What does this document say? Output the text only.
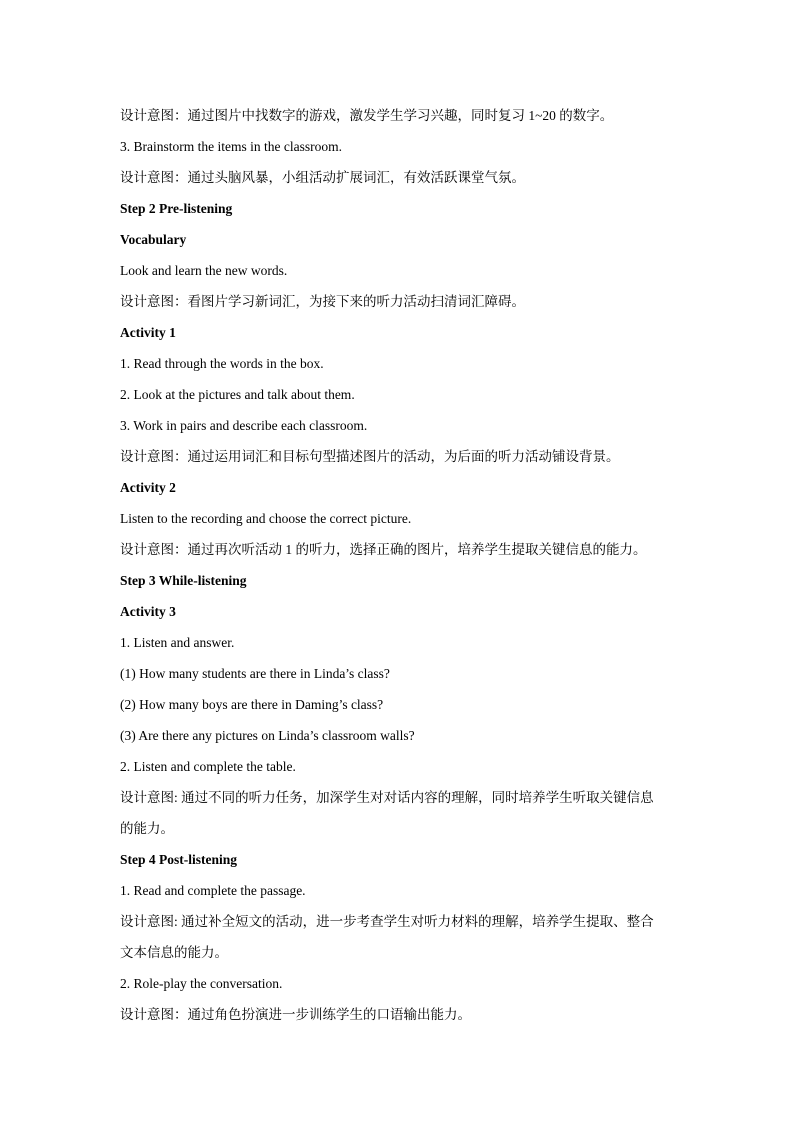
设计意图：通过图片中找数字的游戏，激发学生学习兴趣，同时复习 1~20 的数字。
3. Brainstorm the items in the classroom.
设计意图：通过头脑风暴，小组活动扩展词汇，有效活跃课堂气氛。
Step 2 Pre-listening
Vocabulary
Look and learn the new words.
设计意图：看图片学习新词汇，为接下来的听力活动扫清词汇障碍。
Activity 1
1. Read through the words in the box.
2. Look at the pictures and talk about them.
3. Work in pairs and describe each classroom.
设计意图：通过运用词汇和目标句型描述图片的活动，为后面的听力活动铺设背景。
Activity 2
Listen to the recording and choose the correct picture.
设计意图：通过再次听活动 1 的听力，选择正确的图片，培养学生提取关键信息的能力。
Step 3 While-listening
Activity 3
1. Listen and answer.
(1) How many students are there in Linda’s class?
(2) How many boys are there in Daming’s class?
(3) Are there any pictures on Linda’s classroom walls?
2. Listen and complete the table.
设计意图: 通过不同的听力任务，加深学生对对话内容的理解，同时培养学生听取关键信息
的能力。
Step 4 Post-listening
1. Read and complete the passage.
设计意图: 通过补全短文的活动，进一步考查学生对听力材料的理解，培养学生提取、整合
文本信息的能力。
2. Role-play the conversation.
设计意图：通过角色扮演进一步训练学生的口语输出能力。
